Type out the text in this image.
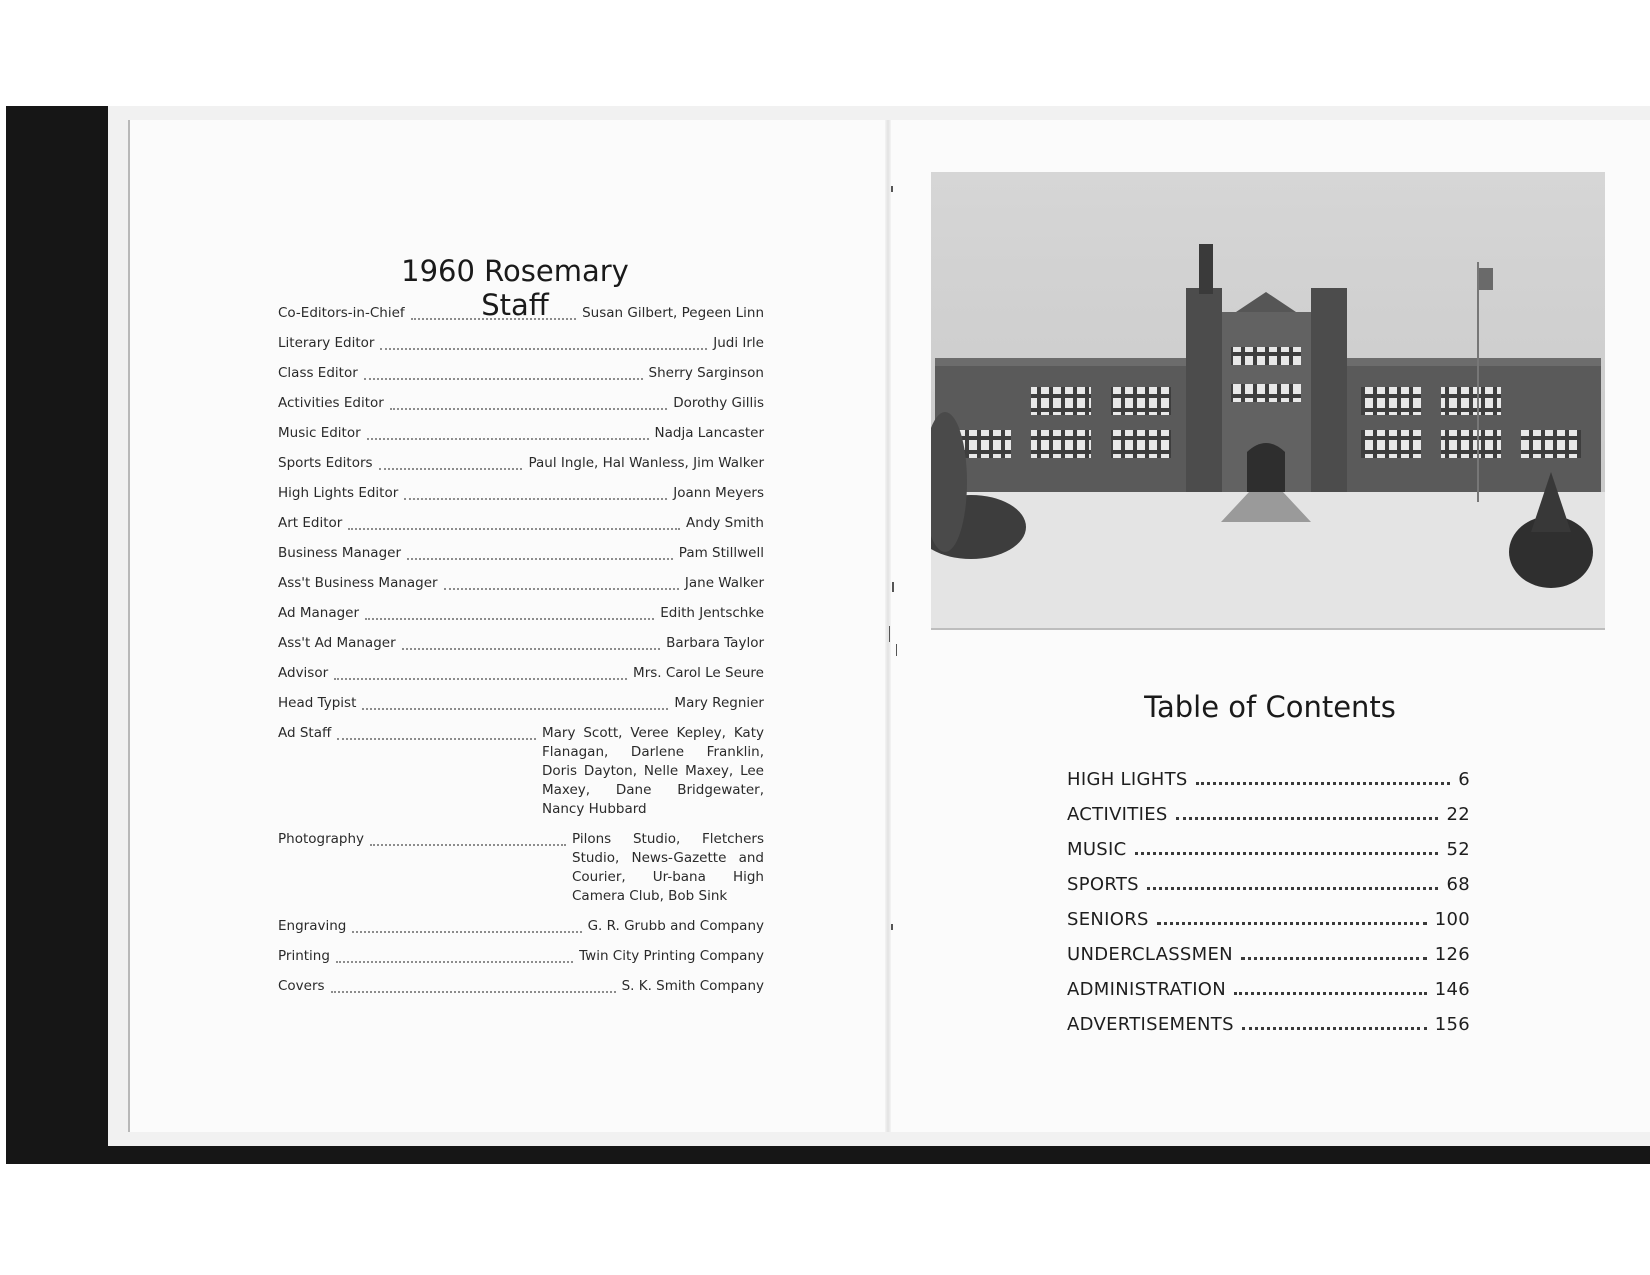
1960 Rosemary Staff
Co-Editors-in-Chief	Susan Gilbert, Pegeen Linn
Literary Editor	Judi Irle
Class Editor	Sherry Sarginson
Activities Editor	Dorothy Gillis
Music Editor	Nadja Lancaster
Sports Editors	Paul Ingle, Hal Wanless, Jim Walker
High Lights Editor	Joann Meyers
Art Editor	Andy Smith
Business Manager	Pam Stillwell
Ass't Business Manager	Jane Walker
Ad Manager	Edith Jentschke
Ass't Ad Manager	Barbara Taylor
Advisor	Mrs. Carol Le Seure
Head Typist	Mary Regnier
Ad Staff	Mary Scott, Veree Kepley, Katy Flanagan, Darlene Franklin, Doris Dayton, Nelle Maxey, Lee Maxey, Dane Bridgewater, Nancy Hubbard
Photography	Pilons Studio, Fletchers Studio, News-Gazette and Courier, Ur-bana High Camera Club, Bob Sink
Engraving	G. R. Grubb and Company
Printing	Twin City Printing Company
Covers	S. K. Smith Company
Table of Contents
HIGH LIGHTS	6
ACTIVITIES	22
MUSIC	52
SPORTS	68
SENIORS	100
UNDERCLASSMEN	126
ADMINISTRATION	146
ADVERTISEMENTS	156
